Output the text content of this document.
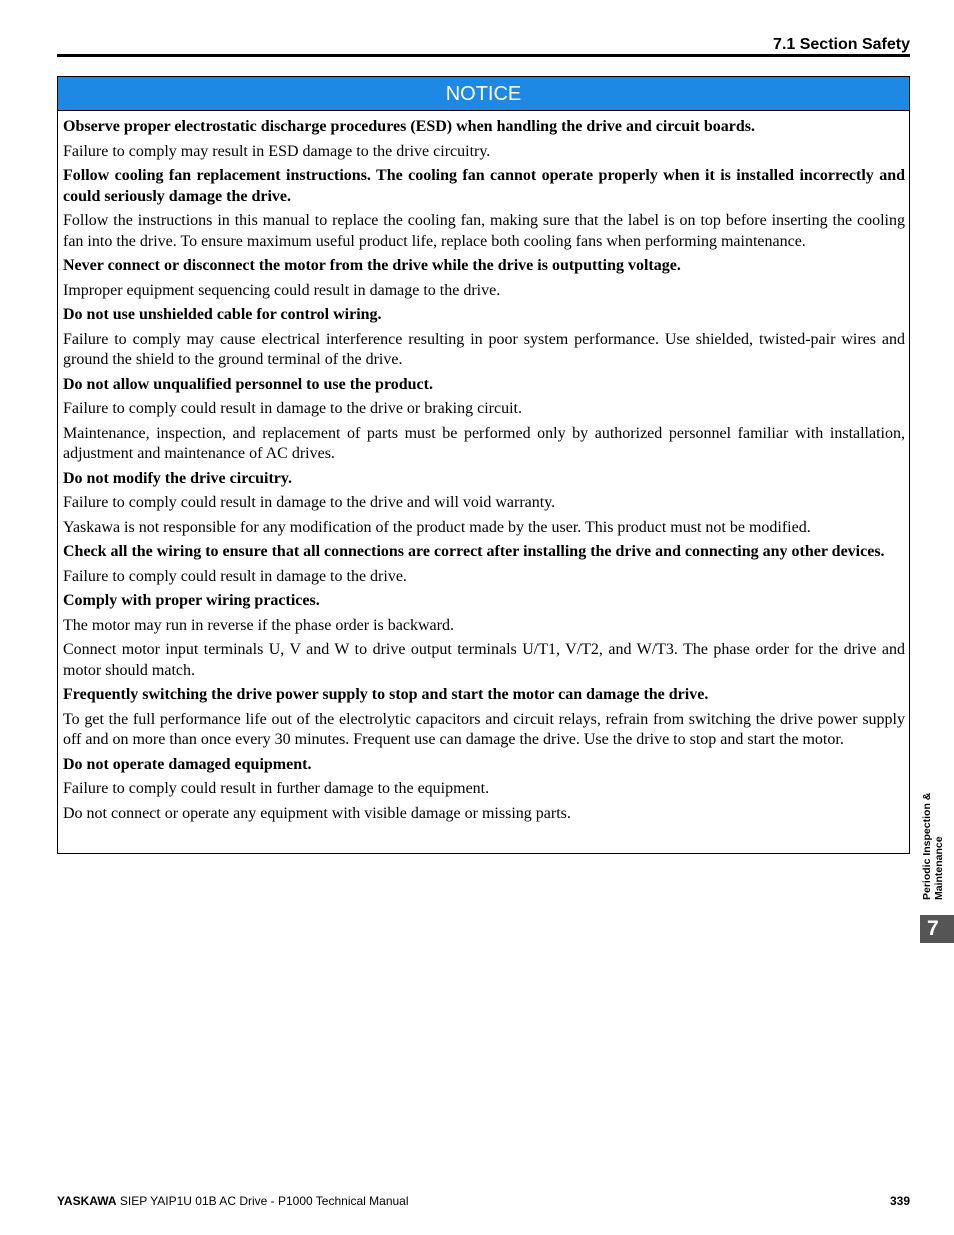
7.1 Section Safety
NOTICE

Observe proper electrostatic discharge procedures (ESD) when handling the drive and circuit boards.

Failure to comply may result in ESD damage to the drive circuitry.

Follow cooling fan replacement instructions. The cooling fan cannot operate properly when it is installed incorrectly and could seriously damage the drive.

Follow the instructions in this manual to replace the cooling fan, making sure that the label is on top before inserting the cooling fan into the drive. To ensure maximum useful product life, replace both cooling fans when performing maintenance.

Never connect or disconnect the motor from the drive while the drive is outputting voltage.

Improper equipment sequencing could result in damage to the drive.

Do not use unshielded cable for control wiring.

Failure to comply may cause electrical interference resulting in poor system performance. Use shielded, twisted-pair wires and ground the shield to the ground terminal of the drive.

Do not allow unqualified personnel to use the product.

Failure to comply could result in damage to the drive or braking circuit.

Maintenance, inspection, and replacement of parts must be performed only by authorized personnel familiar with installation, adjustment and maintenance of AC drives.

Do not modify the drive circuitry.

Failure to comply could result in damage to the drive and will void warranty.

Yaskawa is not responsible for any modification of the product made by the user. This product must not be modified.

Check all the wiring to ensure that all connections are correct after installing the drive and connecting any other devices.

Failure to comply could result in damage to the drive.

Comply with proper wiring practices.

The motor may run in reverse if the phase order is backward.

Connect motor input terminals U, V and W to drive output terminals U/T1, V/T2, and W/T3. The phase order for the drive and motor should match.

Frequently switching the drive power supply to stop and start the motor can damage the drive.

To get the full performance life out of the electrolytic capacitors and circuit relays, refrain from switching the drive power supply off and on more than once every 30 minutes. Frequent use can damage the drive. Use the drive to stop and start the motor.

Do not operate damaged equipment.

Failure to comply could result in further damage to the equipment.

Do not connect or operate any equipment with visible damage or missing parts.	Periodic Inspection & Maintenance
7
YASKAWA SIEP YAIP1U 01B AC Drive - P1000 Technical Manual	339
